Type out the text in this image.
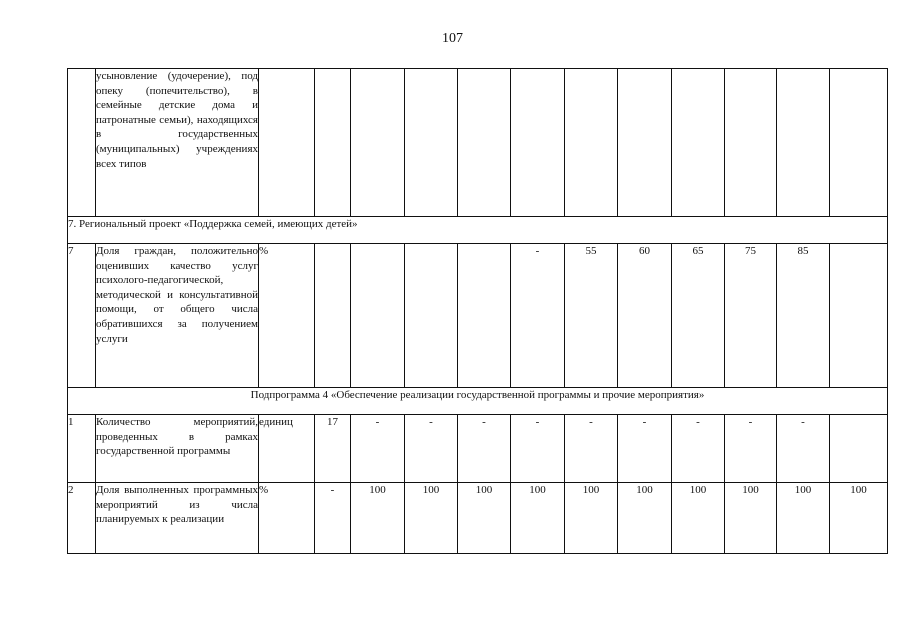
107
	усыновление (удочерение), под опеку (попечительство), в семейные детские дома и патронатные семьи), находящихся в государственных (муниципальных) учреждениях всех типов													
7. Региональный проект «Поддержка семей, имеющих детей»														
7	Доля граждан, положительно оценивших качество услуг психолого-педагогической, методической и консультативной помощи, от общего числа обратившихся за получением услуги	%					-	55	60	65	75	85		
Подпрограмма 4 «Обеспечение реализации государственной программы и прочие мероприятия»														
1	Количество мероприятий, проведенных в рамках государственной программы	единиц	17	-	-	-	-	-	-	-	-	-		
2	Доля выполненных программных мероприятий из числа планируемых к реализации	%	-	100	100	100	100	100	100	100	100	100	100	
